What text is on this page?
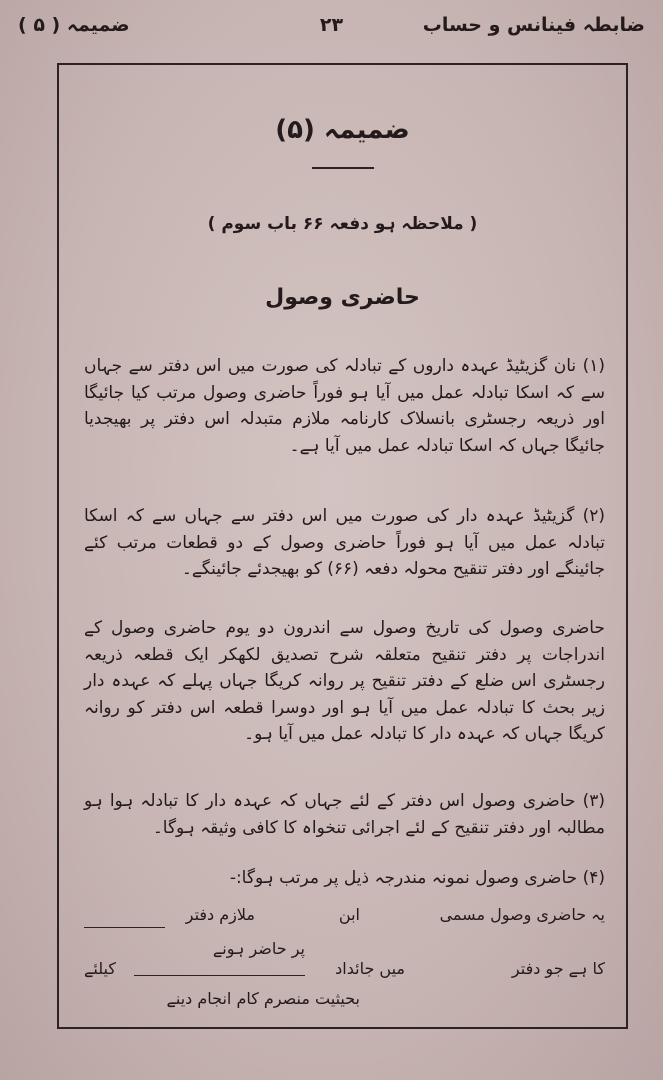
ضابطہ فینانس و حساب
۲۳
ضمیمہ ( ۵ )
ضمیمہ (۵)
( ملاحظہ ہو دفعہ ۶۶ باب سوم )
حاضری وصول
(۱) نان گزیٹیڈ عہدہ داروں کے تبادلہ کی صورت میں اس دفتر سے جہاں سے کہ اسکا تبادلہ عمل میں آیا ہو فوراً حاضری وصول مرتب کیا جائیگا اور ذریعہ رجسٹری بانسلاک کارنامہ ملازم متبدلہ اس دفتر پر بھیجدیا جائیگا جہاں کہ اسکا تبادلہ عمل میں آیا ہے۔
(۲) گزیٹیڈ عہدہ دار کی صورت میں اس دفتر سے جہاں سے کہ اسکا تبادلہ عمل میں آیا ہو فوراً حاضری وصول کے دو قطعات مرتب کئے جائینگے اور دفتر تنقیح محولہ دفعہ (۶۶) کو بھیجدئے جائینگے۔
حاضری وصول کی تاریخ وصول سے اندرون دو یوم حاضری وصول کے اندراجات پر دفتر تنقیح متعلقہ شرح تصدیق لکھکر ایک قطعہ ذریعہ رجسٹری اس ضلع کے دفتر تنقیح پر روانہ کریگا جہاں پہلے کہ عہدہ دار زیر بحث کا تبادلہ عمل میں آیا ہو اور دوسرا قطعہ اس دفتر کو روانہ کریگا جہاں کہ عہدہ دار کا تبادلہ عمل میں آیا ہو۔
(۳) حاضری وصول اس دفتر کے لئے جہاں کہ عہدہ دار کا تبادلہ ہوا ہو مطالبہ اور دفتر تنقیح کے لئے اجرائی تنخواہ کا کافی وثیقہ ہوگا۔
(۴) حاضری وصول نمونہ مندرجہ ذیل پر مرتب ہوگا:-
یہ حاضری وصول مسمی
ابن
ملازم دفتر
پر حاضر ہونے
کا ہے جو دفتر
میں جائداد
کیلئے
بحیثیت منصرم کام انجام دینے
